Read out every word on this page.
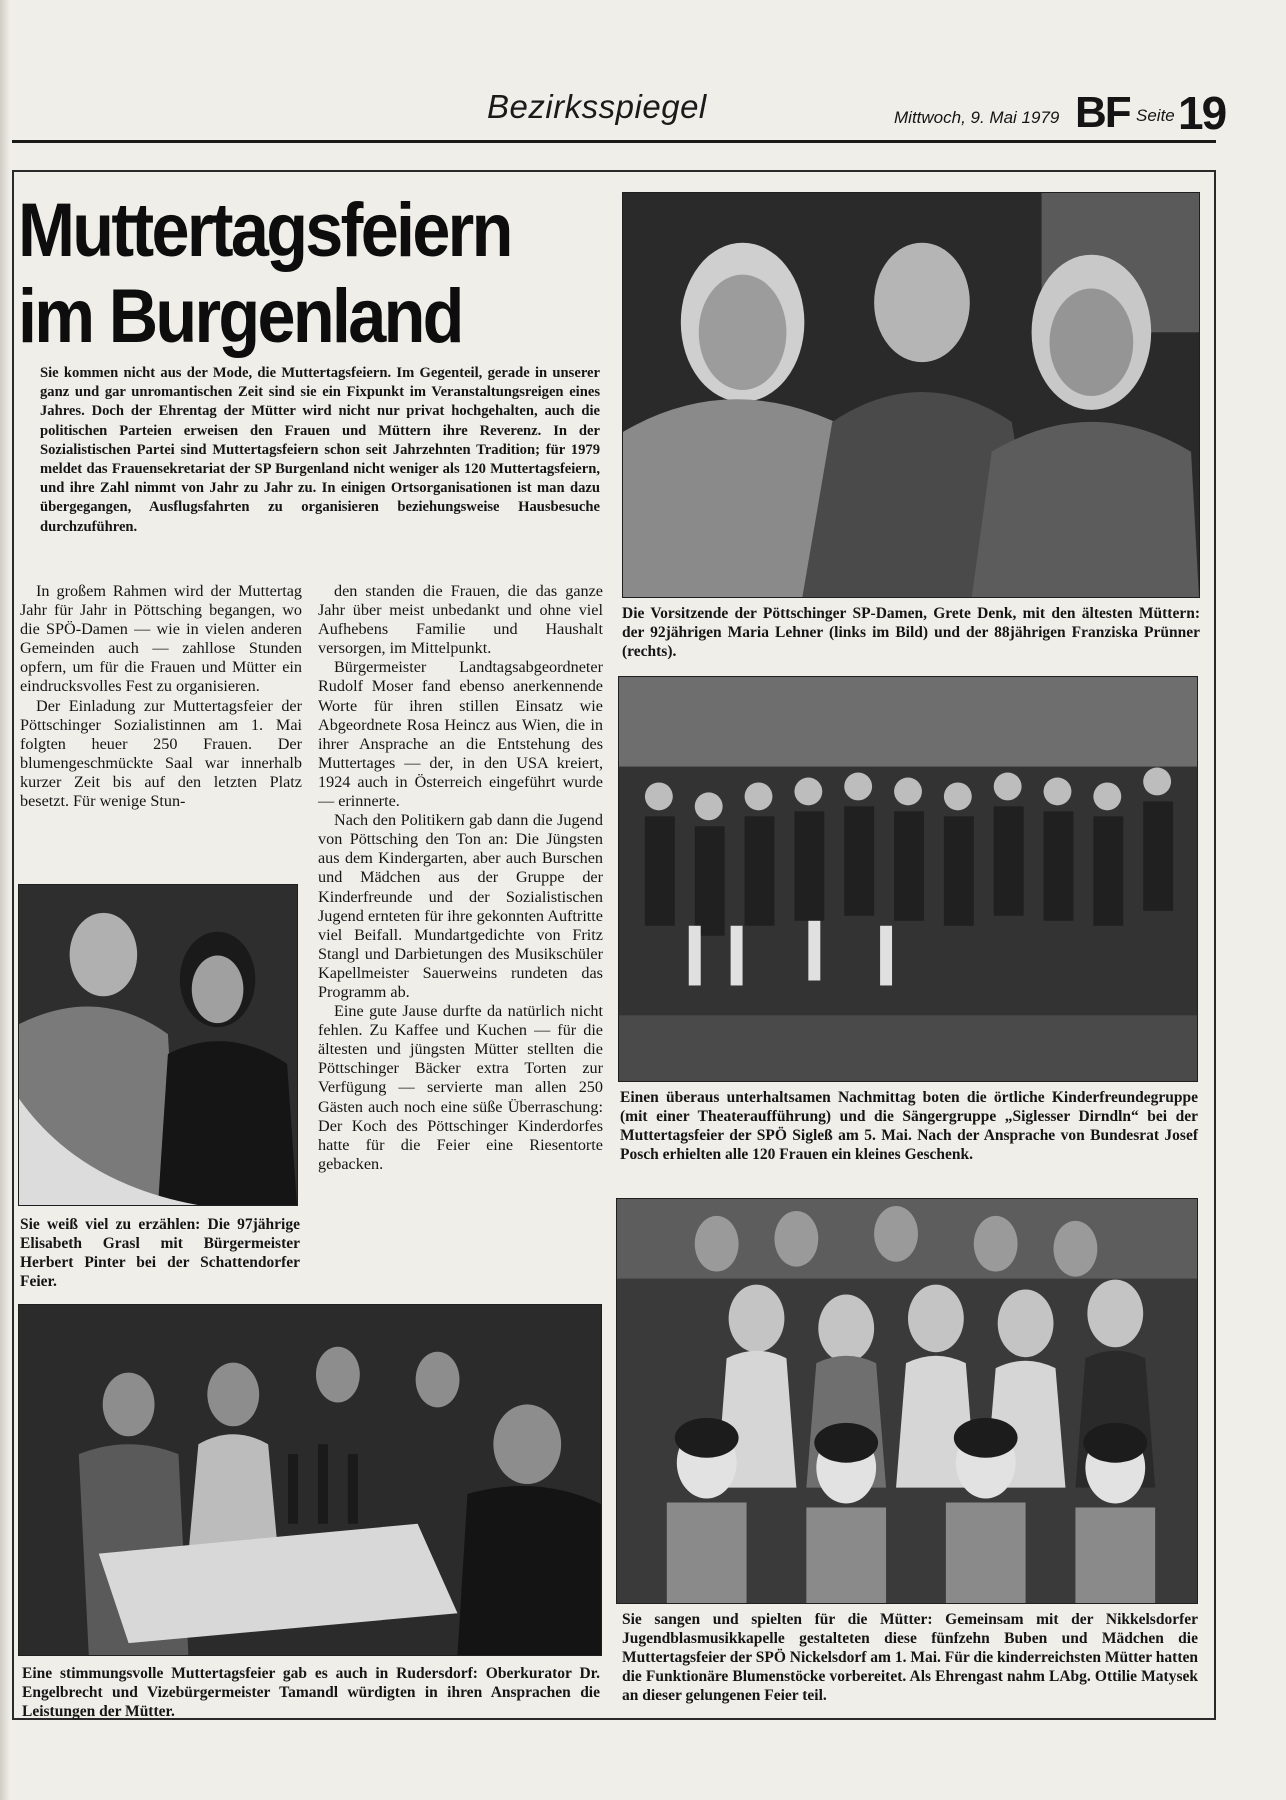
Bezirksspiegel	Mittwoch, 9. Mai 1979 BF Seite 19
Muttertagsfeiern
im Burgenland
Sie kommen nicht aus der Mode, die Muttertagsfeiern. Im Gegenteil, gerade in unserer ganz und gar unromantischen Zeit sind sie ein Fixpunkt im Veranstaltungsreigen eines Jahres. Doch der Ehrentag der Mütter wird nicht nur privat hochgehalten, auch die politischen Parteien erweisen den Frauen und Müttern ihre Reverenz. In der Sozialistischen Partei sind Muttertagsfeiern schon seit Jahrzehnten Tradition; für 1979 meldet das Frauensekretariat der SP Burgenland nicht weniger als 120 Muttertagsfeiern, und ihre Zahl nimmt von Jahr zu Jahr zu. In einigen Ortsorganisationen ist man dazu übergegangen, Ausflugsfahrten zu organisieren beziehungsweise Hausbesuche durchzuführen.

In großem Rahmen wird der Muttertag Jahr für Jahr in Pöttsching begangen, wo die SPÖ-Damen — wie in vielen anderen Gemeinden auch — zahllose Stunden opfern, um für die Frauen und Mütter ein eindrucksvolles Fest zu organisieren.

Der Einladung zur Muttertagsfeier der Pöttschinger Sozialistinnen am 1. Mai folgten heuer 250 Frauen. Der blumengeschmückte Saal war innerhalb kurzer Zeit bis auf den letzten Platz besetzt. Für wenige Stun-

den standen die Frauen, die das ganze Jahr über meist unbedankt und ohne viel Aufhebens Familie und Haushalt versorgen, im Mittelpunkt.

Bürgermeister Landtagsabgeordneter Rudolf Moser fand ebenso anerkennende Worte für ihren stillen Einsatz wie Abgeordnete Rosa Heincz aus Wien, die in ihrer Ansprache an die Entstehung des Muttertages — der, in den USA kreiert, 1924 auch in Österreich eingeführt wurde — erinnerte.

Nach den Politikern gab dann die Jugend von Pöttsching den Ton an: Die Jüngsten aus dem Kindergarten, aber auch Burschen und Mädchen aus der Gruppe der Kinderfreunde und der Sozialistischen Jugend ernteten für ihre gekonnten Auftritte viel Beifall. Mundartgedichte von Fritz Stangl und Darbietungen des Musikschüler Kapellmeister Sauerweins rundeten das Programm ab.

Eine gute Jause durfte da natürlich nicht fehlen. Zu Kaffee und Kuchen — für die ältesten und jüngsten Mütter stellten die Pöttschinger Bäcker extra Torten zur Verfügung — servierte man allen 250 Gästen auch noch eine süße Überraschung: Der Koch des Pöttschinger Kinderdorfes hatte für die Feier eine Riesentorte gebacken.

Die Vorsitzende der Pöttschinger SP-Damen, Grete Denk, mit den ältesten Müttern: der 92jährigen Maria Lehner (links im Bild) und der 88jährigen Franziska Prünner (rechts).
Einen überaus unterhaltsamen Nachmittag boten die örtliche Kinderfreundegruppe (mit einer Theateraufführung) und die Sängergruppe „Siglesser Dirndln“ bei der Muttertagsfeier der SPÖ Sigleß am 5. Mai. Nach der Ansprache von Bundesrat Josef Posch erhielten alle 120 Frauen ein kleines Geschenk.
Sie weiß viel zu erzählen: Die 97jährige Elisabeth Grasl mit Bürgermeister Herbert Pinter bei der Schattendorfer Feier.
Eine stimmungsvolle Muttertagsfeier gab es auch in Rudersdorf: Oberkurator Dr. Engelbrecht und Vizebürgermeister Tamandl würdigten in ihren Ansprachen die Leistungen der Mütter.
Sie sangen und spielten für die Mütter: Gemeinsam mit der Nikkelsdorfer Jugendblasmusikkapelle gestalteten diese fünfzehn Buben und Mädchen die Muttertagsfeier der SPÖ Nickelsdorf am 1. Mai. Für die kinderreichsten Mütter hatten die Funktionäre Blumenstöcke vorbereitet. Als Ehrengast nahm LAbg. Ottilie Matysek an dieser gelungenen Feier teil.
